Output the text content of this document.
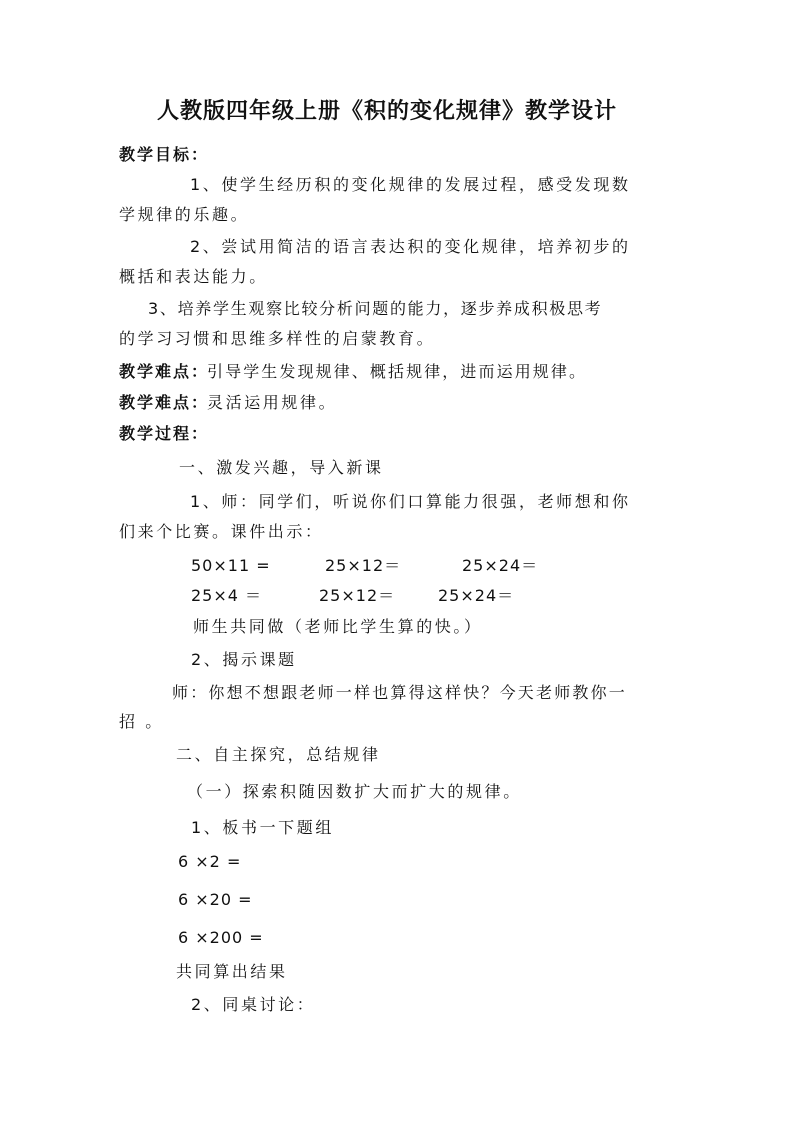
人教版四年级上册《积的变化规律》教学设计
教学目标：
1、使学生经历积的变化规律的发展过程，感受发现数
学规律的乐趣。
2、尝试用简洁的语言表达积的变化规律，培养初步的
概括和表达能力。
3、培养学生观察比较分析问题的能力，逐步养成积极思考
的学习习惯和思维多样性的启蒙教育。
教学难点：
引导学生发现规律、概括规律，进而运用规律。
教学难点：
灵活运用规律。
教学过程：
一、激发兴趣，导入新课
1、师：同学们，听说你们口算能力很强，老师想和你
们来个比赛。课件出示：
50×11 =	25×12＝	25×24＝
25×4 ＝	25×12＝	25×24＝
师生共同做（老师比学生算的快。）
2、揭示课题
师：你想不想跟老师一样也算得这样快？今天老师教你一
招 。
二、自主探究，总结规律
（一）探索积随因数扩大而扩大的规律。
1、板书一下题组
6 ×2 =
6 ×20 =
6 ×200 =
共同算出结果
2、同桌讨论：
